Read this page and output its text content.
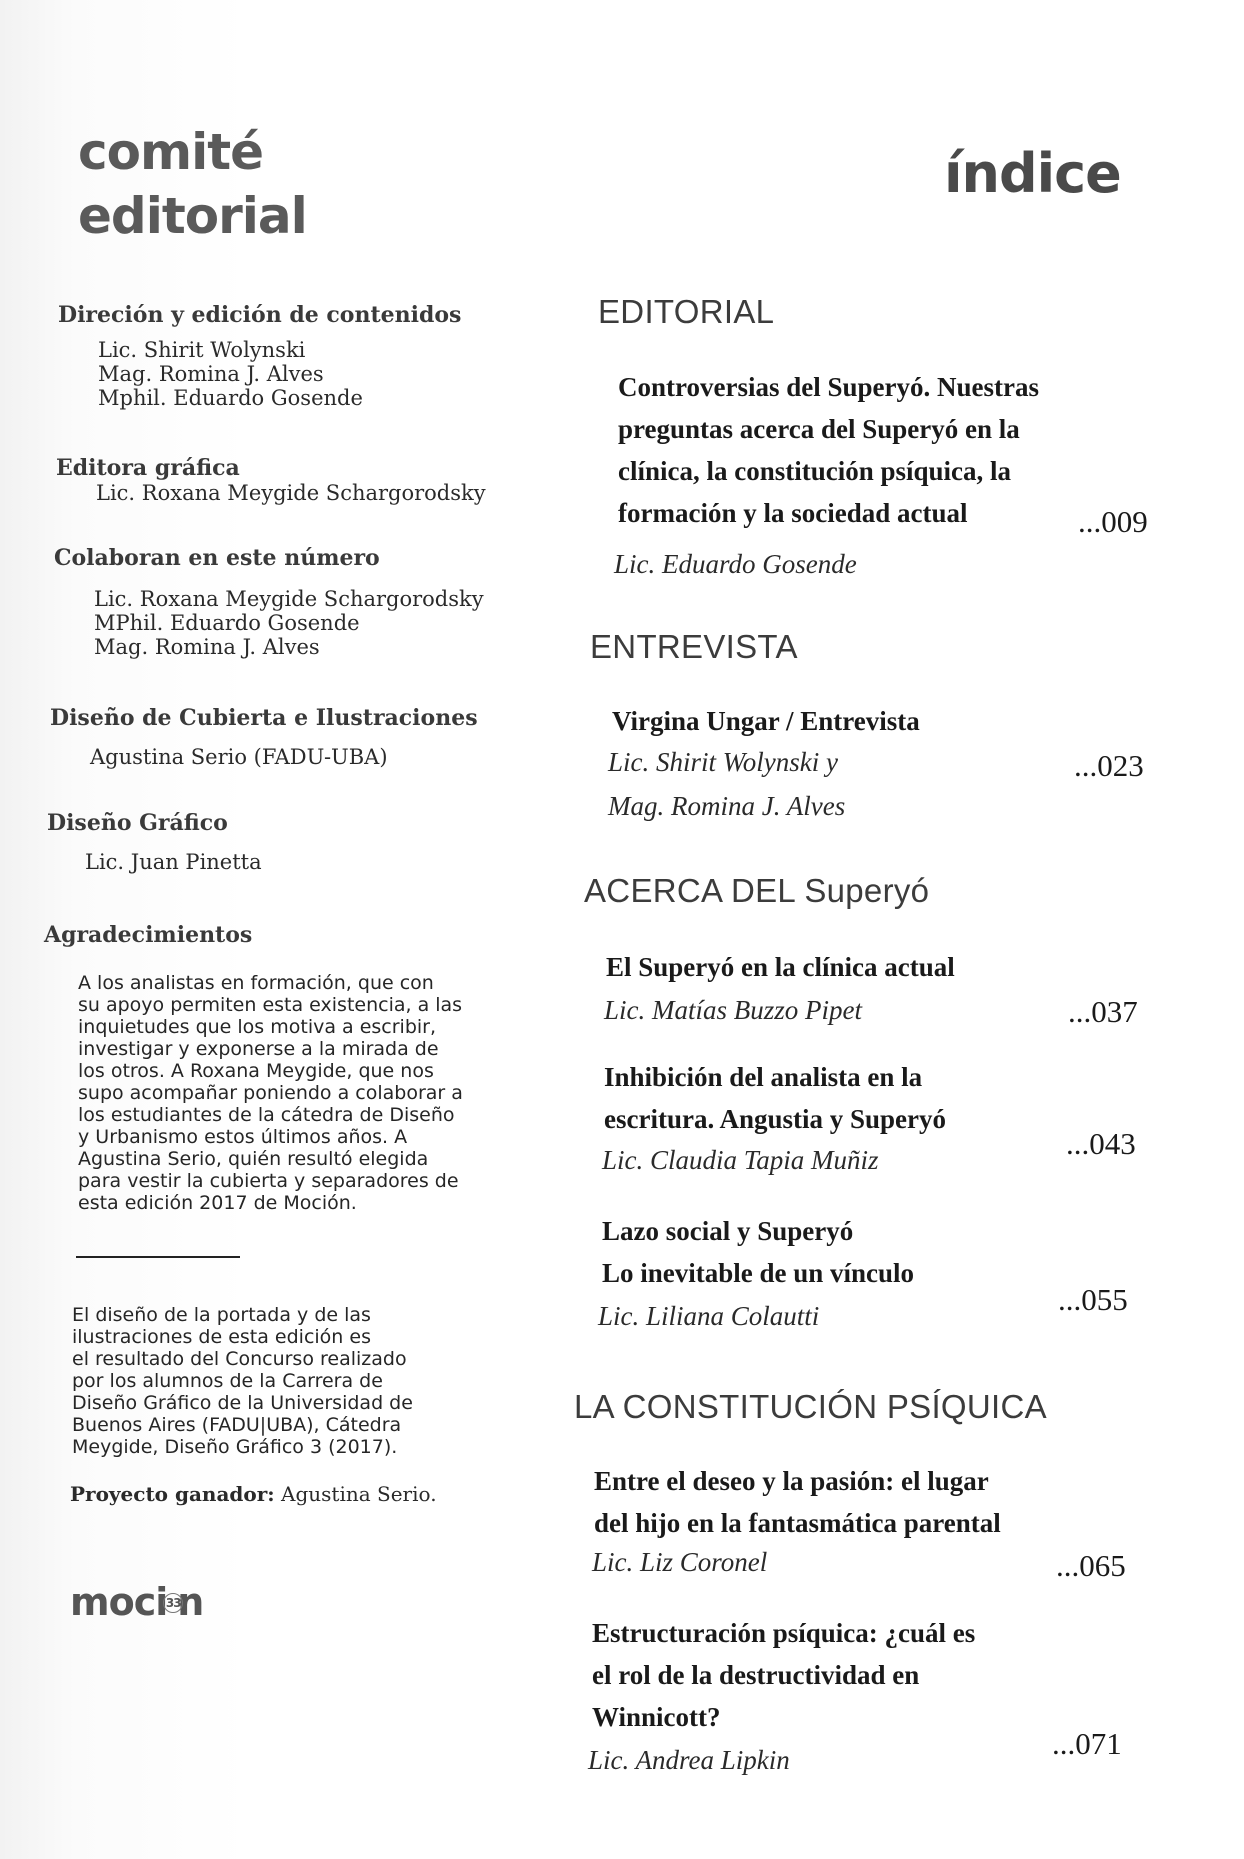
comité
editorial

Direción y edición de contenidos

Lic. Shirit Wolynski

Mag. Romina J. Alves

Mphil. Eduardo Gosende

Editora gráfica

Lic. Roxana Meygide Schargorodsky

Colaboran en este número

Lic. Roxana Meygide Schargorodsky

MPhil. Eduardo Gosende

Mag. Romina J. Alves

Diseño de Cubierta e Ilustraciones

Agustina Serio (FADU-UBA)

Diseño Gráfico

Lic. Juan Pinetta

Agradecimientos

A los analistas en formación, que con

su apoyo permiten esta existencia, a las

inquietudes que los motiva a escribir,

investigar y exponerse a la mirada de

los otros. A Roxana Meygide, que nos

supo acompañar poniendo a colaborar a

los estudiantes de la cátedra de Diseño

y Urbanismo estos últimos años. A

Agustina Serio, quién resultó elegida

para vestir la cubierta y separadores de

esta edición 2017 de Moción.

El diseño de la portada y de las

ilustraciones de esta edición es

el resultado del Concurso realizado

por los alumnos de la Carrera de

Diseño Gráfico de la Universidad de

Buenos Aires (FADU|UBA), Cátedra

Meygide, Diseño Gráfico 3 (2017).

Proyecto ganador: Agustina Serio.
moci33n
índice
EDITORIAL
Controversias del Superyó. Nuestras
preguntas acerca del Superyó en la
clínica, la constitución psíquica, la
formación y la sociedad actual
Lic. Eduardo Gosende
...009
ENTREVISTA
Virgina Ungar / Entrevista
Lic. Shirit Wolynski y
Mag. Romina J. Alves
...023
ACERCA DEL Superyó
El Superyó en la clínica actual
Lic. Matías Buzzo Pipet	...037
Inhibición del analista en la
escritura. Angustia y Superyó
Lic. Claudia Tapia Muñiz	...043
Lazo social y Superyó
Lo inevitable de un vínculo
Lic. Liliana Colautti	...055
LA CONSTITUCIÓN PSÍQUICA
Entre el deseo y la pasión: el lugar
del hijo en la fantasmática parental
Lic. Liz Coronel	...065
Estructuración psíquica: ¿cuál es
el rol de la destructividad en
Winnicott?
Lic. Andrea Lipkin	...071
